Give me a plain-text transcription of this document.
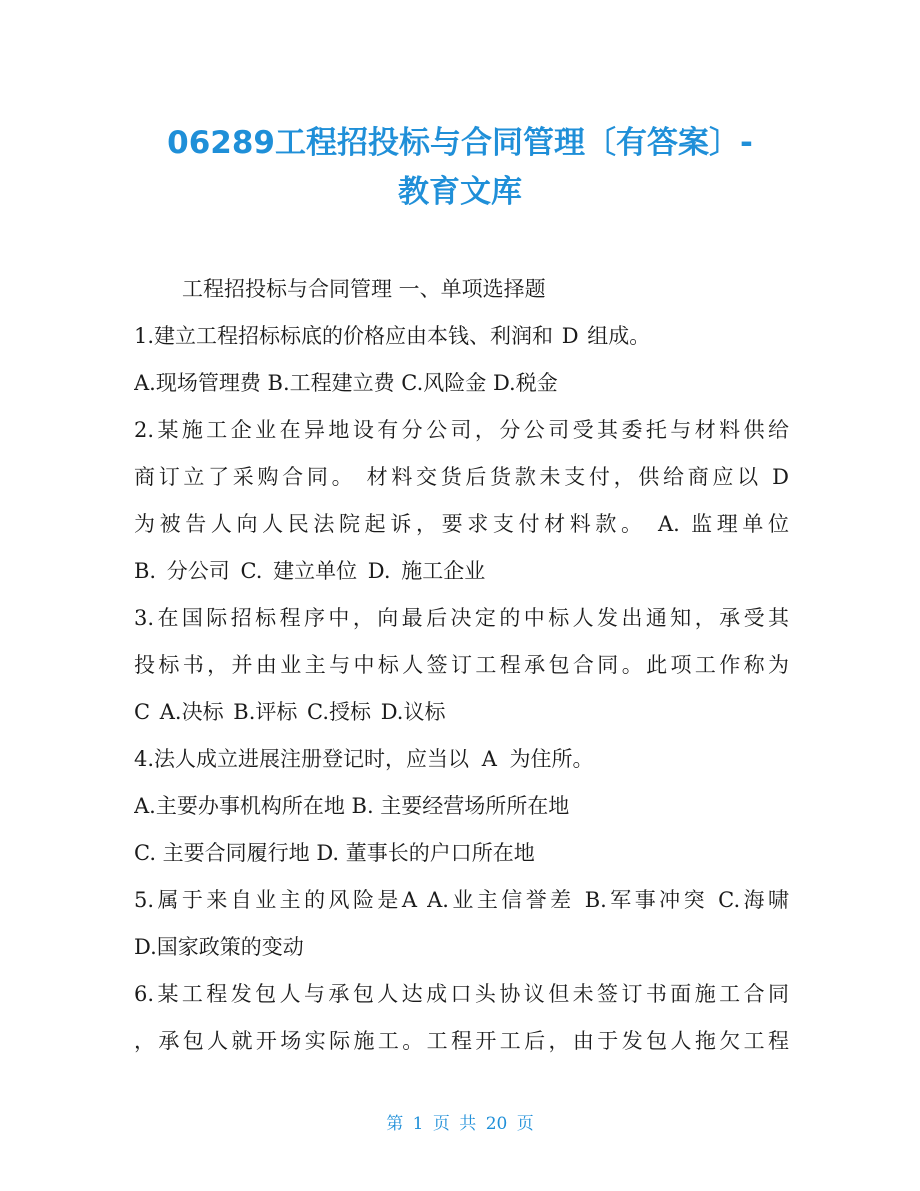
06289工程招投标与合同管理〔有答案〕-
教育文库
工程招投标与合同管理 一、单项选择题
1.建立工程招标标底的价格应由本钱、利润和 D 组成。
A.现场管理费 B.工程建立费 C.风险金 D.税金
2.某施工企业在异地设有分公司，分公司受其委托与材料供给
商订立了采购合同。 材料交货后货款未支付，供给商应以 D
为被告人向人民法院起诉，要求支付材料款。 A. 监理单位
B. 分公司 C. 建立单位 D. 施工企业
3.在国际招标程序中，向最后决定的中标人发出通知，承受其
投标书，并由业主与中标人签订工程承包合同。此项工作称为
C A.决标 B.评标 C.授标 D.议标
4.法人成立进展注册登记时，应当以 A 为住所。
A.主要办事机构所在地 B. 主要经营场所所在地
C. 主要合同履行地 D. 董事长的户口所在地
5.属于来自业主的风险是A A.业主信誉差 B.军事冲突 C.海啸
D.国家政策的变动
6.某工程发包人与承包人达成口头协议但未签订书面施工合同
，承包人就开场实际施工。工程开工后，由于发包人拖欠工程
第 1 页 共 20 页
